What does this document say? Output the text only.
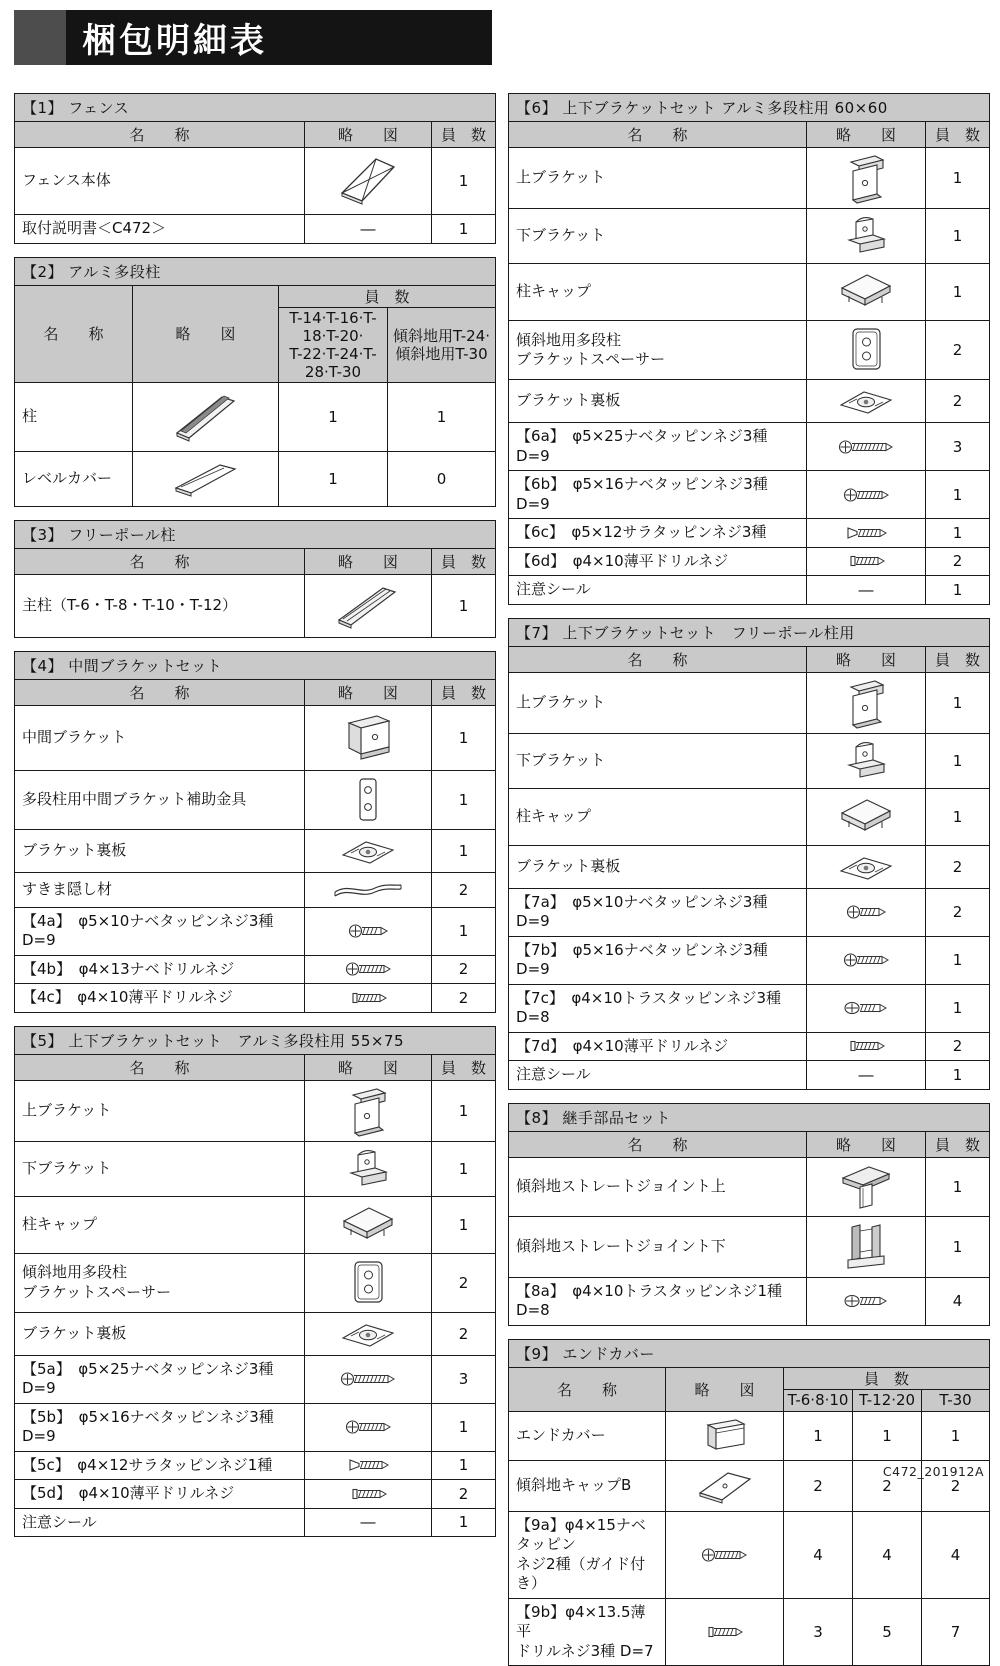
梱包明細表
【1】 フェンス		
名　　称	略　　図	員　数
フェンス本体		1
取付説明書＜C472＞	―	1
【2】 アルミ多段柱			
名　　称	略　　図	員　数	
		T-14·T-16·T-18·T-20·
T-22·T-24·T-28·T-30	傾斜地用T-24·
傾斜地用T-30
柱		1	1
レベルカバー		1	0
【3】 フリーポール柱		
名　　称	略　　図	員　数
主柱（T-6・T-8・T-10・T-12）		1
【4】 中間ブラケットセット		
名　　称	略　　図	員　数
中間ブラケット		1
多段柱用中間ブラケット補助金具		1
ブラケット裏板		1
すきま隠し材		2
【4a】　φ5×10ナベタッピンネジ3種 D=9		1
【4b】　φ4×13ナベドリルネジ		2
【4c】　φ4×10薄平ドリルネジ		2
【5】 上下ブラケットセット　アルミ多段柱用 55×75		
名　　称	略　　図	員　数
上ブラケット		1
下ブラケット		1
柱キャップ		1
傾斜地用多段柱
ブラケットスペーサー		2
ブラケット裏板		2
【5a】　φ5×25ナベタッピンネジ3種 D=9		3
【5b】　φ5×16ナベタッピンネジ3種 D=9		1
【5c】　φ4×12サラタッピンネジ1種		1
【5d】　φ4×10薄平ドリルネジ		2
注意シール	―	1
【6】 上下ブラケットセット アルミ多段柱用 60×60		
名　　称	略　　図	員　数
上ブラケット		1
下ブラケット		1
柱キャップ		1
傾斜地用多段柱
ブラケットスペーサー		2
ブラケット裏板		2
【6a】　φ5×25ナベタッピンネジ3種 D=9		3
【6b】　φ5×16ナベタッピンネジ3種 D=9		1
【6c】　φ5×12サラタッピンネジ3種		1
【6d】　φ4×10薄平ドリルネジ		2
注意シール	―	1
【7】 上下ブラケットセット　フリーポール柱用		
名　　称	略　　図	員　数
上ブラケット		1
下ブラケット		1
柱キャップ		1
ブラケット裏板		2
【7a】　φ5×10ナベタッピンネジ3種 D=9		2
【7b】　φ5×16ナベタッピンネジ3種 D=9		1
【7c】　φ4×10トラスタッピンネジ3種 D=8		1
【7d】　φ4×10薄平ドリルネジ		2
注意シール	―	1
【8】 継手部品セット		
名　　称	略　　図	員　数
傾斜地ストレートジョイント上		1
傾斜地ストレートジョイント下		1
【8a】　φ4×10トラスタッピンネジ1種 D=8		4
【9】 エンドカバー				
名　　称	略　　図	員　数		
		T-6·8·10	T-12·20	T-30
エンドカバー		1	1	1
傾斜地キャップB		2	2	2
【9a】φ4×15ナベタッピン
ネジ2種（ガイド付き）		4	4	4
【9b】φ4×13.5薄平
ドリルネジ3種 D=7		3	5	7
C472_201912A
